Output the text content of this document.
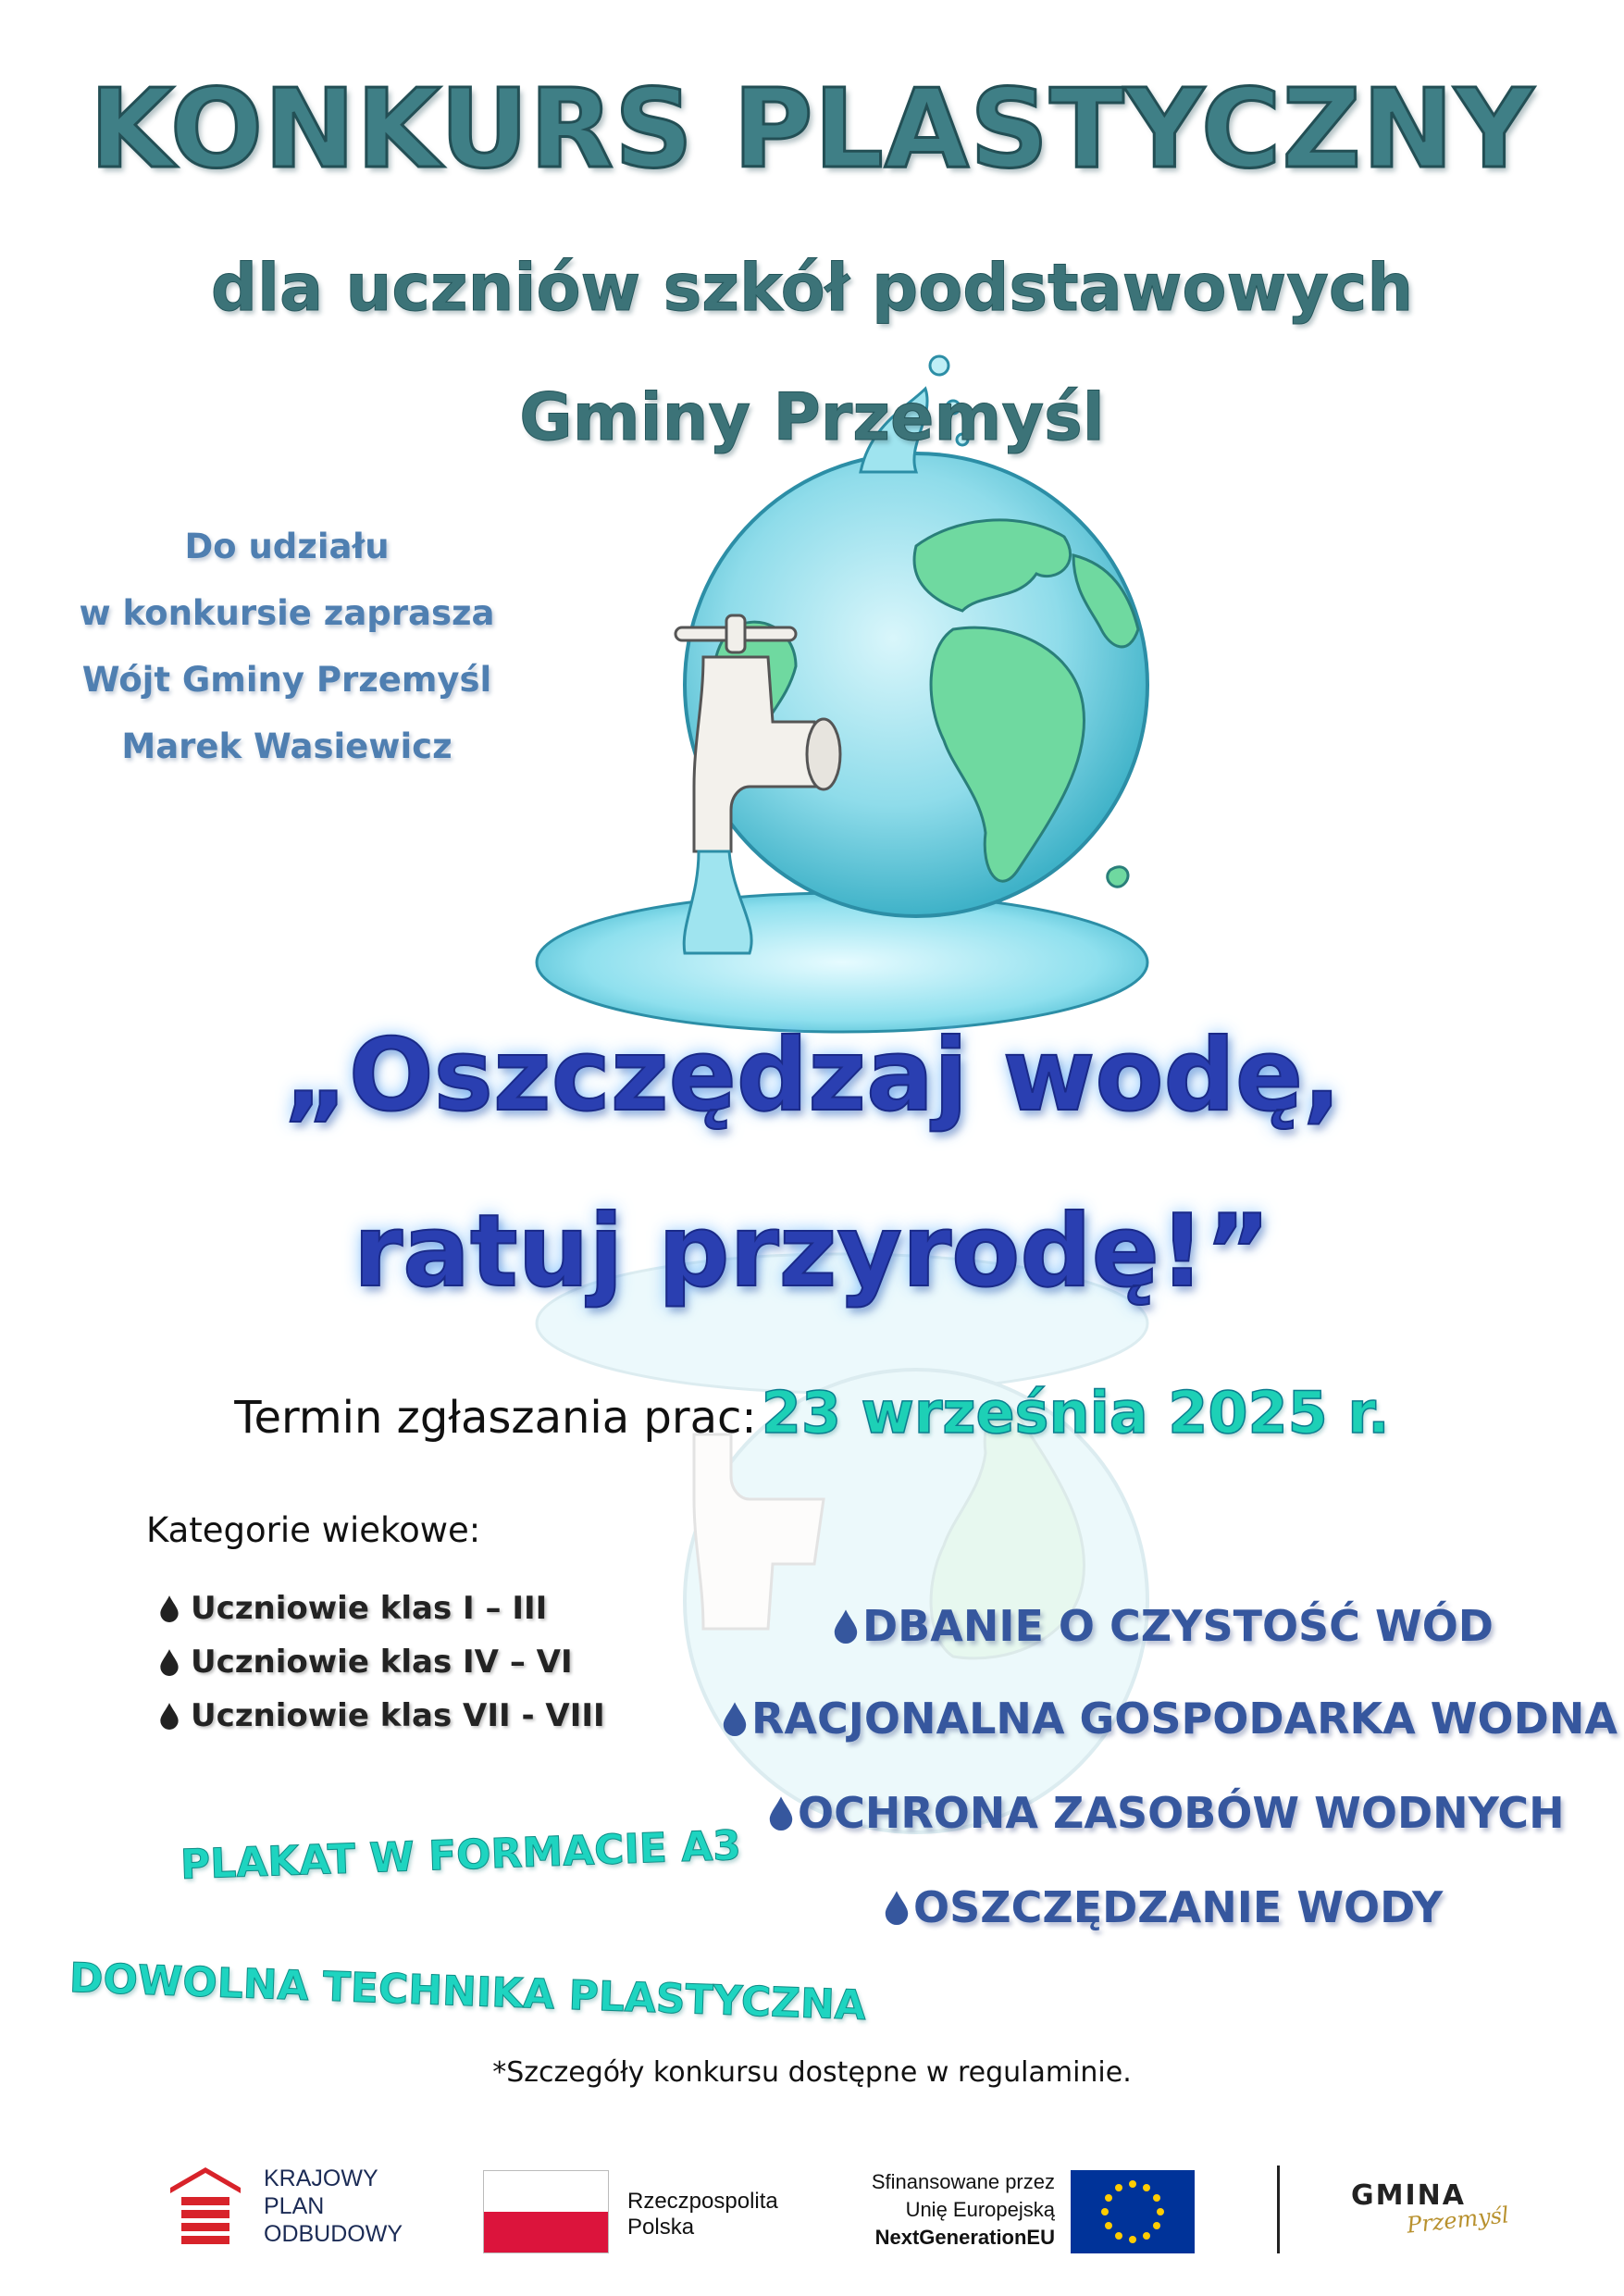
KONKURS PLASTYCZNY
dla uczniów szkół podstawowych
Gminy Przemyśl
Do udziału
w konkursie zaprasza
Wójt Gminy Przemyśl
Marek Wasiewicz
„Oszczędzaj wodę,
ratuj przyrodę!”
Termin zgłaszania prac: 23 września 2025 r.
Kategorie wiekowe:
Uczniowie klas I – III
Uczniowie klas IV – VI
Uczniowie klas VII - VIII
DBANIE O CZYSTOŚĆ WÓD
RACJONALNA GOSPODARKA WODNA
OCHRONA ZASOBÓW WODNYCH
OSZCZĘDZANIE WODY
PLAKAT W FORMACIE A3
DOWOLNA TECHNIKA PLASTYCZNA
*Szczegóły konkursu dostępne w regulaminie.
KRAJOWY
PLAN
ODBUDOWY
Rzeczpospolita
Polska
Sfinansowane przez
Unię Europejską
NextGenerationEU
GMINA
Przemyśl
